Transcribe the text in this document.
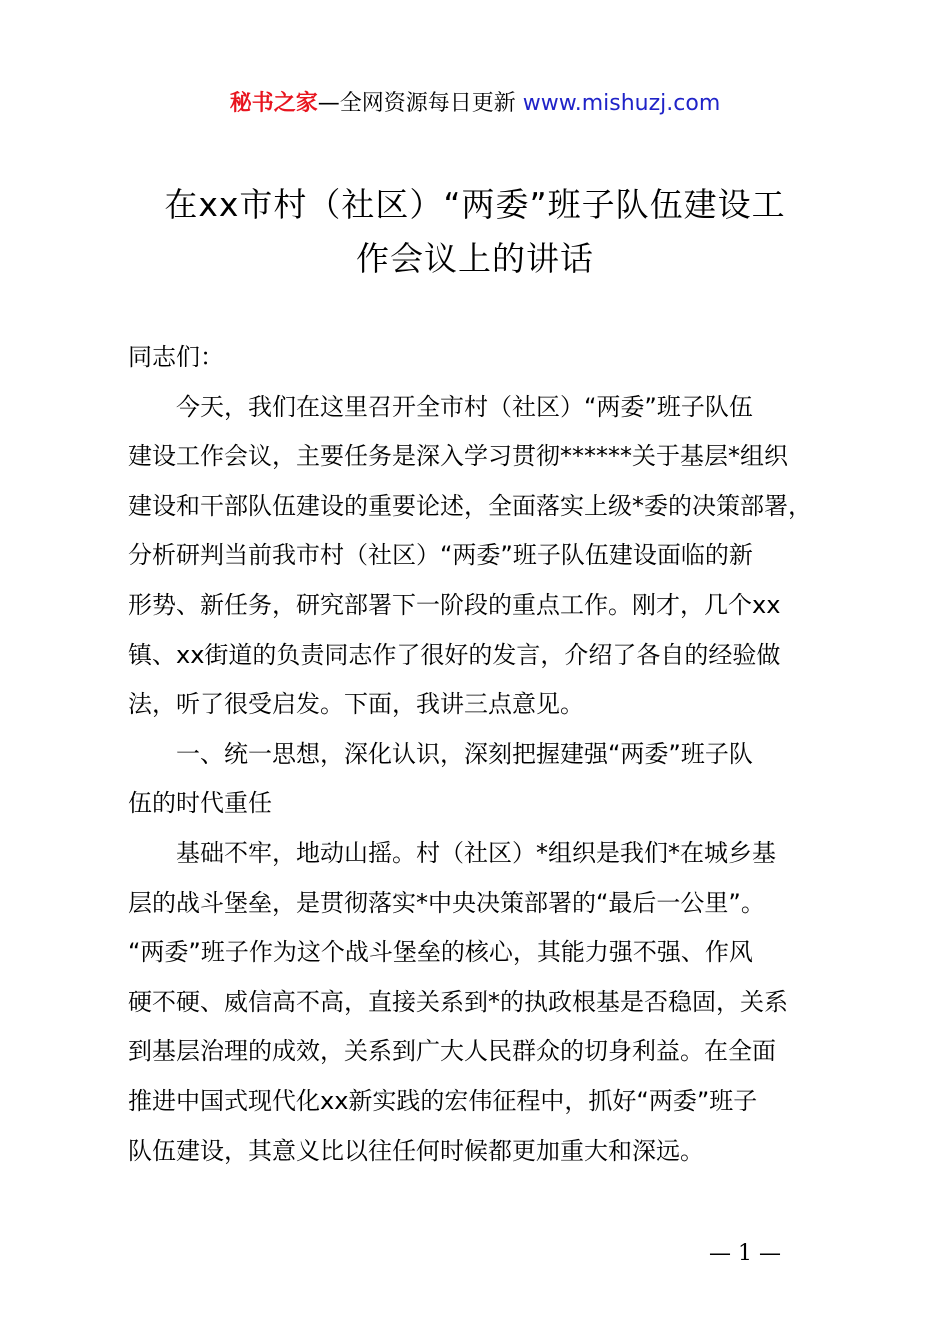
秘书之家—全网资源每日更新 www.mishuzj.com
在xx市村（社区）“两委”班子队伍建设工
作会议上的讲话
同志们：
今天，我们在这里召开全市村（社区）“两委”班子队伍
建设工作会议，主要任务是深入学习贯彻******关于基层*组织
建设和干部队伍建设的重要论述，全面落实上级*委的决策部署，
分析研判当前我市村（社区）“两委”班子队伍建设面临的新
形势、新任务，研究部署下一阶段的重点工作。刚才，几个xx
镇、xx街道的负责同志作了很好的发言，介绍了各自的经验做
法，听了很受启发。下面，我讲三点意见。
一、统一思想，深化认识，深刻把握建强“两委”班子队
伍的时代重任
基础不牢，地动山摇。村（社区）*组织是我们*在城乡基
层的战斗堡垒，是贯彻落实*中央决策部署的“最后一公里”。
“两委”班子作为这个战斗堡垒的核心，其能力强不强、作风
硬不硬、威信高不高，直接关系到*的执政根基是否稳固，关系
到基层治理的成效，关系到广大人民群众的切身利益。在全面
推进中国式现代化xx新实践的宏伟征程中，抓好“两委”班子
队伍建设，其意义比以往任何时候都更加重大和深远。
— 1 —
